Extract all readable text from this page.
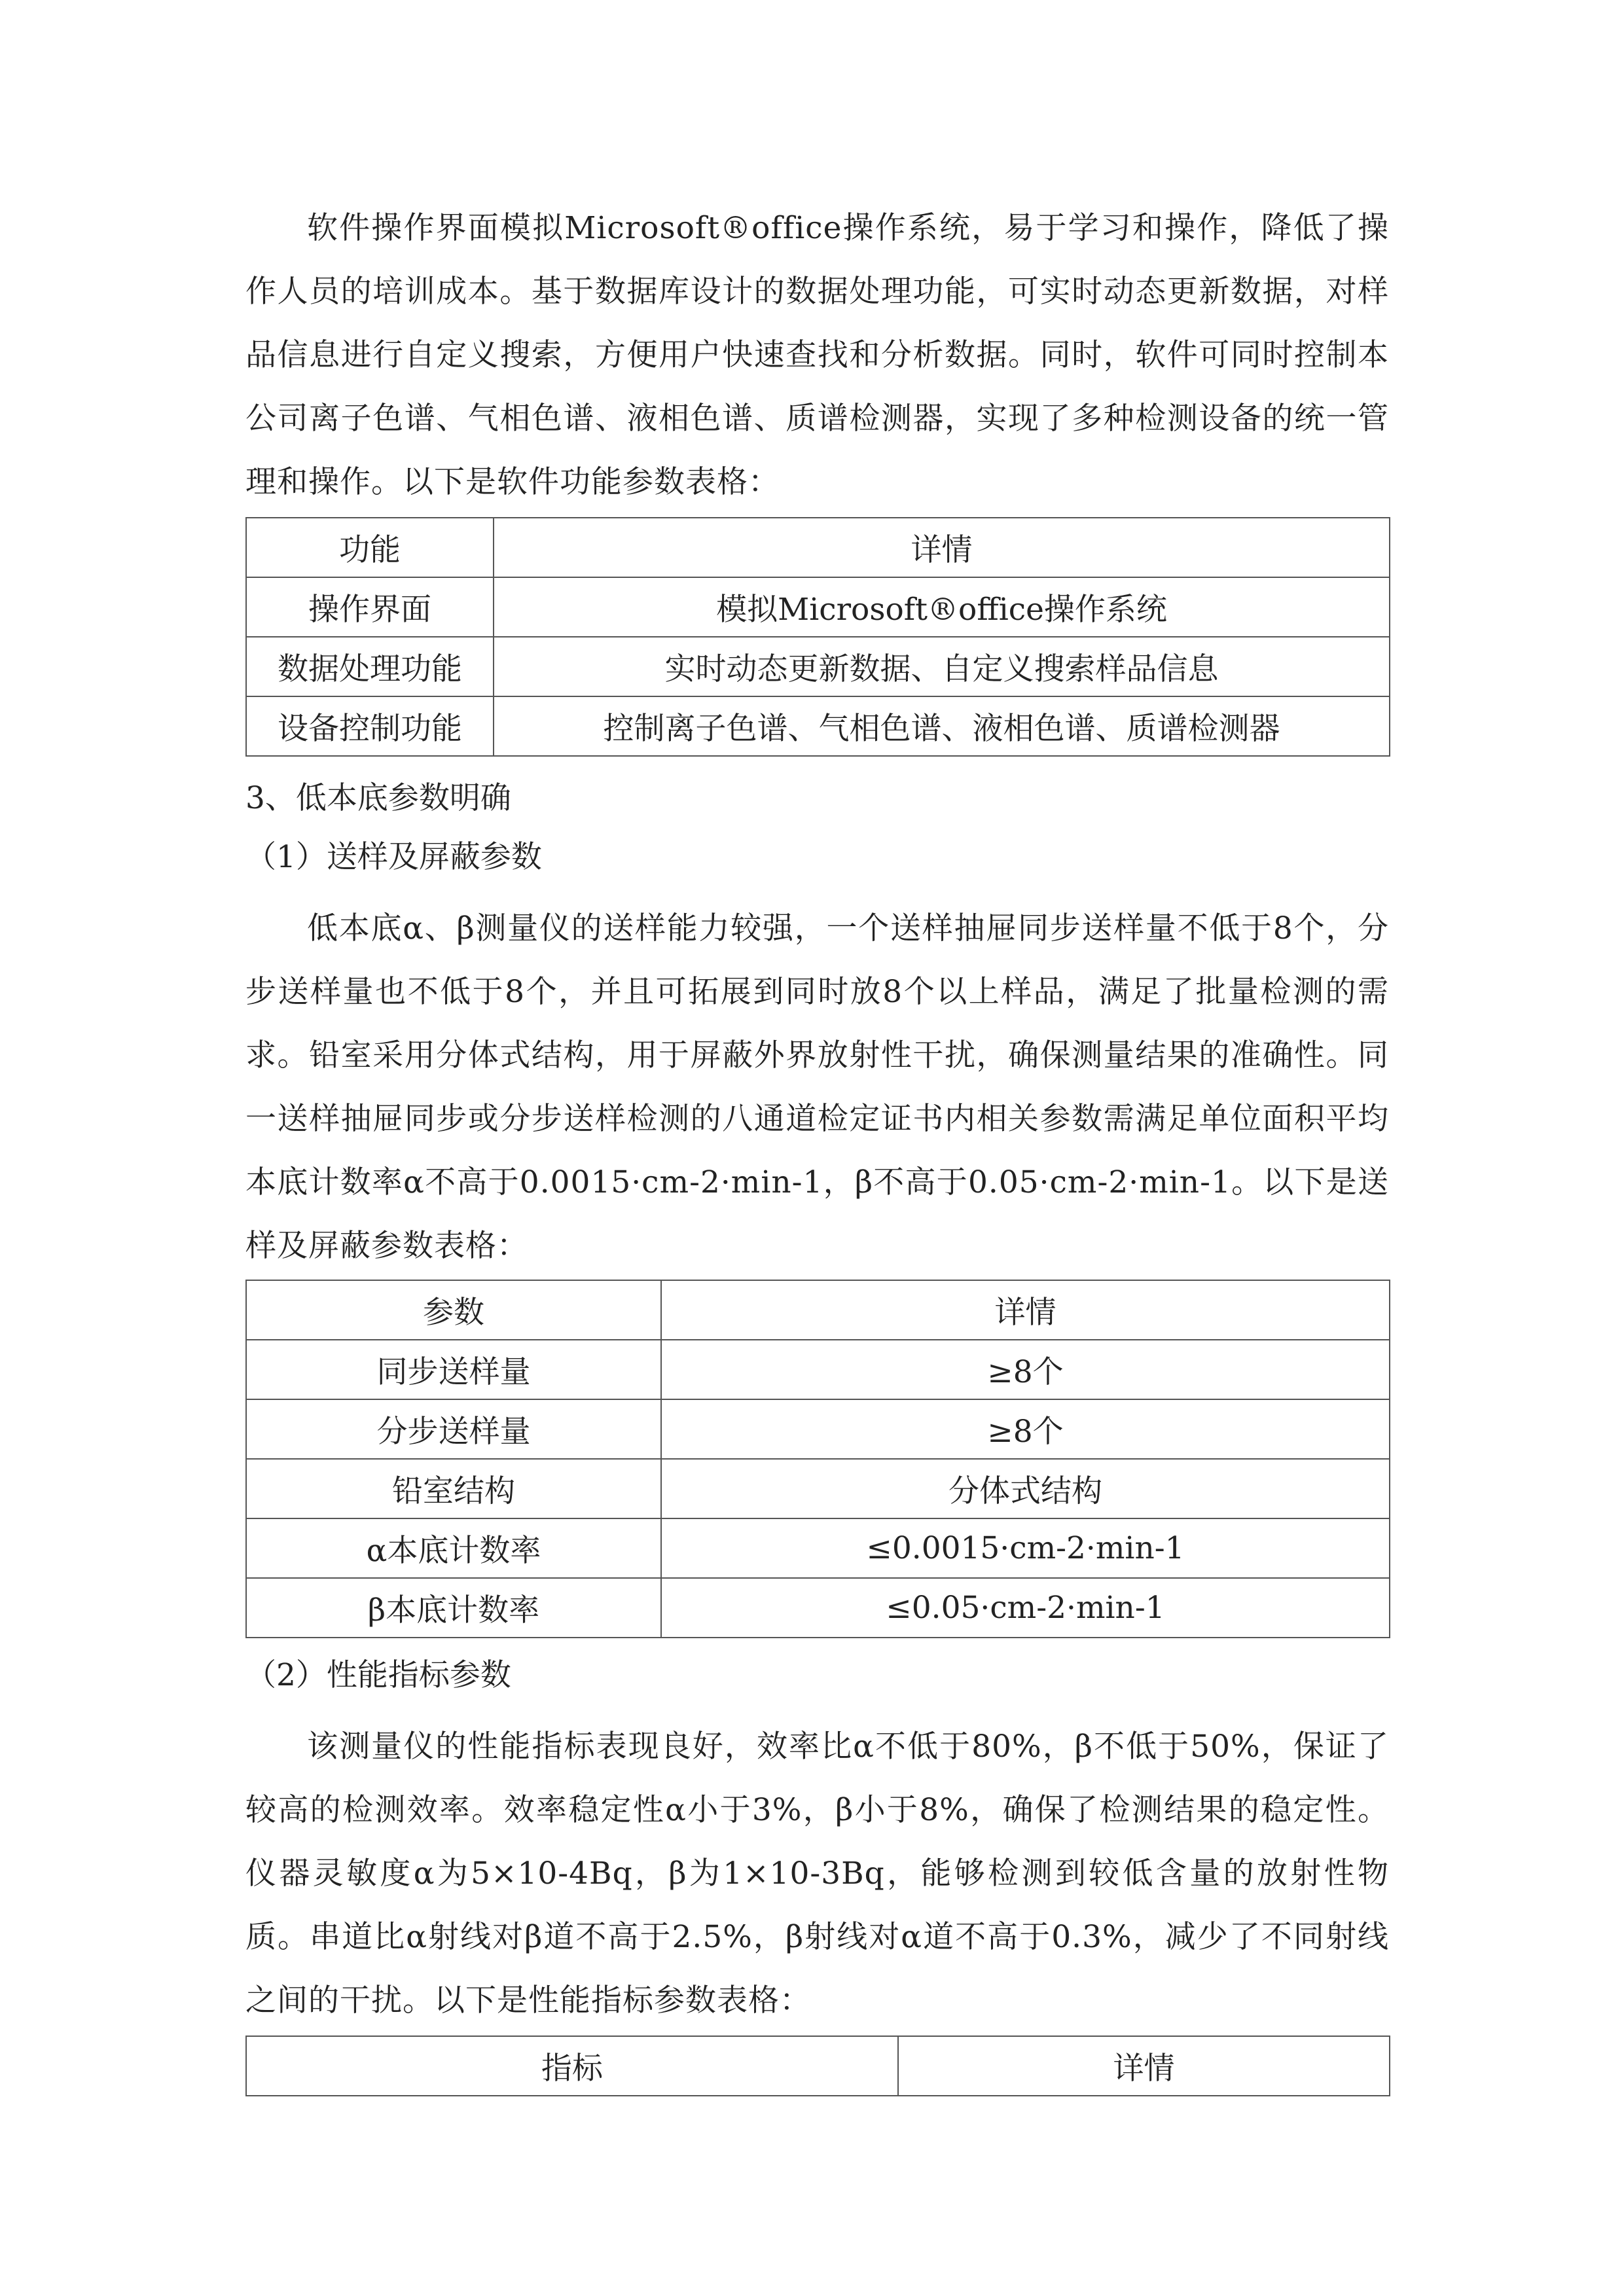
软件操作界面模拟Microsoft®office操作系统，易于学习和操作，降低了操作人员的培训成本。基于数据库设计的数据处理功能，可实时动态更新数据，对样品信息进行自定义搜索，方便用户快速查找和分析数据。同时，软件可同时控制本公司离子色谱、气相色谱、液相色谱、质谱检测器，实现了多种检测设备的统一管理和操作。以下是软件功能参数表格：

功能	详情
操作界面	模拟Microsoft®office操作系统
数据处理功能	实时动态更新数据、自定义搜索样品信息
设备控制功能	控制离子色谱、气相色谱、液相色谱、质谱检测器

3、低本底参数明确

（1）送样及屏蔽参数

低本底α、β测量仪的送样能力较强，一个送样抽屉同步送样量不低于8个，分步送样量也不低于8个，并且可拓展到同时放8个以上样品，满足了批量检测的需求。铅室采用分体式结构，用于屏蔽外界放射性干扰，确保测量结果的准确性。同一送样抽屉同步或分步送样检测的八通道检定证书内相关参数需满足单位面积平均本底计数率α不高于0.0015·cm-2·min-1，β不高于0.05·cm-2·min-1。以下是送样及屏蔽参数表格：

参数	详情
同步送样量	≥8个
分步送样量	≥8个
铅室结构	分体式结构
α本底计数率	≤0.0015·cm-2·min-1
β本底计数率	≤0.05·cm-2·min-1

（2）性能指标参数

该测量仪的性能指标表现良好，效率比α不低于80%，β不低于50%，保证了较高的检测效率。效率稳定性α小于3%，β小于8%，确保了检测结果的稳定性。仪器灵敏度α为5×10-4Bq，β为1×10-3Bq，能够检测到较低含量的放射性物质。串道比α射线对β道不高于2.5%，β射线对α道不高于0.3%，减少了不同射线之间的干扰。以下是性能指标参数表格：

指标	详情
